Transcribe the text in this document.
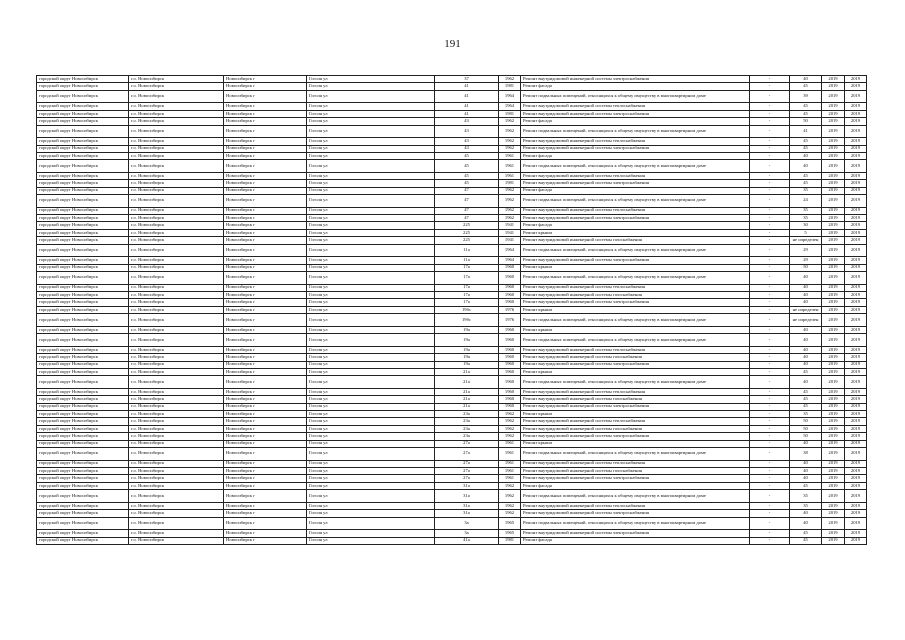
191
городской округ Новосибирск	г.о. Новосибирск	Новосибирск г	Гоголя ул	37	1962	Ремонт внутридомовой инженерной системы электроснабжения	-	40	2019	2019
городской округ Новосибирск	г.о. Новосибирск	Новосибирск г	Гоголя ул	41	1981	Ремонт фасада	-	45	2019	2019
городской округ Новосибирск	г.о. Новосибирск	Новосибирск г	Гоголя ул	41	1964	Ремонт подвальных помещений, относящихся к общему имуществу в многоквартирном доме	-	39	2019	2019
городской округ Новосибирск	г.о. Новосибирск	Новосибирск г	Гоголя ул	41	1964	Ремонт внутридомовой инженерной системы теплоснабжения	-	45	2019	2019
городской округ Новосибирск	г.о. Новосибирск	Новосибирск г	Гоголя ул	41	1981	Ремонт внутридомовой инженерной системы электроснабжения	-	45	2019	2019
городской округ Новосибирск	г.о. Новосибирск	Новосибирск г	Гоголя ул	43	1962	Ремонт фасада	-	50	2019	2019
городской округ Новосибирск	г.о. Новосибирск	Новосибирск г	Гоголя ул	43	1962	Ремонт подвальных помещений, относящихся к общему имуществу в многоквартирном доме	-	41	2019	2019
городской округ Новосибирск	г.о. Новосибирск	Новосибирск г	Гоголя ул	43	1962	Ремонт внутридомовой инженерной системы теплоснабжения	-	45	2019	2019
городской округ Новосибирск	г.о. Новосибирск	Новосибирск г	Гоголя ул	43	1962	Ремонт внутридомовой инженерной системы электроснабжения	-	45	2019	2019
городской округ Новосибирск	г.о. Новосибирск	Новосибирск г	Гоголя ул	45	1961	Ремонт фасада	-	40	2019	2019
городской округ Новосибирск	г.о. Новосибирск	Новосибирск г	Гоголя ул	45	1961	Ремонт подвальных помещений, относящихся к общему имуществу в многоквартирном доме	-	40	2019	2019
городской округ Новосибирск	г.о. Новосибирск	Новосибирск г	Гоголя ул	45	1961	Ремонт внутридомовой инженерной системы теплоснабжения	-	45	2019	2019
городской округ Новосибирск	г.о. Новосибирск	Новосибирск г	Гоголя ул	45	1981	Ремонт внутридомовой инженерной системы электроснабжения	-	45	2019	2019
городской округ Новосибирск	г.о. Новосибирск	Новосибирск г	Гоголя ул	47	1962	Ремонт фасада	-	35	2019	2019
городской округ Новосибирск	г.о. Новосибирск	Новосибирск г	Гоголя ул	47	1962	Ремонт подвальных помещений, относящихся к общему имуществу в многоквартирном доме	-	24	2019	2019
городской округ Новосибирск	г.о. Новосибирск	Новосибирск г	Гоголя ул	47	1962	Ремонт внутридомовой инженерной системы теплоснабжения	-	35	2019	2019
городской округ Новосибирск	г.о. Новосибирск	Новосибирск г	Гоголя ул	47	1962	Ремонт внутридомовой инженерной системы электроснабжения	-	35	2019	2019
городской округ Новосибирск	г.о. Новосибирск	Новосибирск г	Гоголя ул	225	1941	Ремонт фасада	-	30	2019	2019
городской округ Новосибирск	г.о. Новосибирск	Новосибирск г	Гоголя ул	225	1941	Ремонт крыши	-	5	2019	2019
городской округ Новосибирск	г.о. Новосибирск	Новосибирск г	Гоголя ул	225	1941	Ремонт внутридомовой инженерной системы газоснабжения	-	не определен	2019	2019
городской округ Новосибирск	г.о. Новосибирск	Новосибирск г	Гоголя ул	11а	1964	Ремонт подвальных помещений, относящихся к общему имуществу в многоквартирном доме	-	29	2019	2019
городской округ Новосибирск	г.о. Новосибирск	Новосибирск г	Гоголя ул	11а	1964	Ремонт внутридомовой инженерной системы электроснабжения	-	29	2019	2019
городской округ Новосибирск	г.о. Новосибирск	Новосибирск г	Гоголя ул	17а	1960	Ремонт крыши	-	50	2019	2019
городской округ Новосибирск	г.о. Новосибирск	Новосибирск г	Гоголя ул	17а	1960	Ремонт подвальных помещений, относящихся к общему имуществу в многоквартирном доме	-	40	2019	2019
городской округ Новосибирск	г.о. Новосибирск	Новосибирск г	Гоголя ул	17а	1960	Ремонт внутридомовой инженерной системы теплоснабжения	-	40	2019	2019
городской округ Новосибирск	г.о. Новосибирск	Новосибирск г	Гоголя ул	17а	1960	Ремонт внутридомовой инженерной системы газоснабжения	-	40	2019	2019
городской округ Новосибирск	г.о. Новосибирск	Новосибирск г	Гоголя ул	17а	1960	Ремонт внутридомовой инженерной системы электроснабжения	-	40	2019	2019
городской округ Новосибирск	г.о. Новосибирск	Новосибирск г	Гоголя ул	19бс	1976	Ремонт крыши	-	не определен	2019	2019
городской округ Новосибирск	г.о. Новосибирск	Новосибирск г	Гоголя ул	19бс	1976	Ремонт подвальных помещений, относящихся к общему имуществу в многоквартирном доме	-	не определен	2019	2019
городской округ Новосибирск	г.о. Новосибирск	Новосибирск г	Гоголя ул	19а	1960	Ремонт крыши	-	40	2019	2019
городской округ Новосибирск	г.о. Новосибирск	Новосибирск г	Гоголя ул	19а	1960	Ремонт подвальных помещений, относящихся к общему имуществу в многоквартирном доме	-	40	2019	2019
городской округ Новосибирск	г.о. Новосибирск	Новосибирск г	Гоголя ул	19а	1960	Ремонт внутридомовой инженерной системы теплоснабжения	-	40	2019	2019
городской округ Новосибирск	г.о. Новосибирск	Новосибирск г	Гоголя ул	19а	1960	Ремонт внутридомовой инженерной системы газоснабжения	-	40	2019	2019
городской округ Новосибирск	г.о. Новосибирск	Новосибирск г	Гоголя ул	19а	1960	Ремонт внутридомовой инженерной системы электроснабжения	-	40	2019	2019
городской округ Новосибирск	г.о. Новосибирск	Новосибирск г	Гоголя ул	21а	1960	Ремонт крыши	-	45	2019	2019
городской округ Новосибирск	г.о. Новосибирск	Новосибирск г	Гоголя ул	21а	1960	Ремонт подвальных помещений, относящихся к общему имуществу в многоквартирном доме	-	40	2019	2019
городской округ Новосибирск	г.о. Новосибирск	Новосибирск г	Гоголя ул	21а	1960	Ремонт внутридомовой инженерной системы теплоснабжения	-	45	2019	2019
городской округ Новосибирск	г.о. Новосибирск	Новосибирск г	Гоголя ул	21а	1960	Ремонт внутридомовой инженерной системы газоснабжения	-	45	2019	2019
городской округ Новосибирск	г.о. Новосибирск	Новосибирск г	Гоголя ул	21а	1960	Ремонт внутридомовой инженерной системы электроснабжения	-	45	2019	2019
городской округ Новосибирск	г.о. Новосибирск	Новосибирск г	Гоголя ул	23а	1962	Ремонт крыши	-	35	2019	2019
городской округ Новосибирск	г.о. Новосибирск	Новосибирск г	Гоголя ул	23а	1962	Ремонт внутридомовой инженерной системы теплоснабжения	-	50	2019	2019
городской округ Новосибирск	г.о. Новосибирск	Новосибирск г	Гоголя ул	23а	1962	Ремонт внутридомовой инженерной системы газоснабжения	-	50	2019	2019
городской округ Новосибирск	г.о. Новосибирск	Новосибирск г	Гоголя ул	23а	1962	Ремонт внутридомовой инженерной системы электроснабжения	-	50	2019	2019
городской округ Новосибирск	г.о. Новосибирск	Новосибирск г	Гоголя ул	27а	1961	Ремонт крыши	-	40	2019	2019
городской округ Новосибирск	г.о. Новосибирск	Новосибирск г	Гоголя ул	27а	1961	Ремонт подвальных помещений, относящихся к общему имуществу в многоквартирном доме	-	38	2019	2019
городской округ Новосибирск	г.о. Новосибирск	Новосибирск г	Гоголя ул	27а	1961	Ремонт внутридомовой инженерной системы теплоснабжения	-	40	2019	2019
городской округ Новосибирск	г.о. Новосибирск	Новосибирск г	Гоголя ул	27а	1961	Ремонт внутридомовой инженерной системы газоснабжения	-	40	2019	2019
городской округ Новосибирск	г.о. Новосибирск	Новосибирск г	Гоголя ул	27а	1961	Ремонт внутридомовой инженерной системы электроснабжения	-	40	2019	2019
городской округ Новосибирск	г.о. Новосибирск	Новосибирск г	Гоголя ул	31а	1962	Ремонт фасада	-	45	2019	2019
городской округ Новосибирск	г.о. Новосибирск	Новосибирск г	Гоголя ул	31а	1962	Ремонт подвальных помещений, относящихся к общему имуществу в многоквартирном доме	-	35	2019	2019
городской округ Новосибирск	г.о. Новосибирск	Новосибирск г	Гоголя ул	31а	1962	Ремонт внутридомовой инженерной системы теплоснабжения	-	35	2019	2019
городской округ Новосибирск	г.о. Новосибирск	Новосибирск г	Гоголя ул	31а	1962	Ремонт внутридомовой инженерной системы электроснабжения	-	40	2019	2019
городской округ Новосибирск	г.о. Новосибирск	Новосибирск г	Гоголя ул	3а	1965	Ремонт подвальных помещений, относящихся к общему имуществу в многоквартирном доме	-	40	2019	2019
городской округ Новосибирск	г.о. Новосибирск	Новосибирск г	Гоголя ул	3а	1965	Ремонт внутридомовой инженерной системы электроснабжения	-	45	2019	2019
городской округ Новосибирск	г.о. Новосибирск	Новосибирск г	Гоголя ул	41а	1981	Ремонт фасада	-	45	2019	2019
